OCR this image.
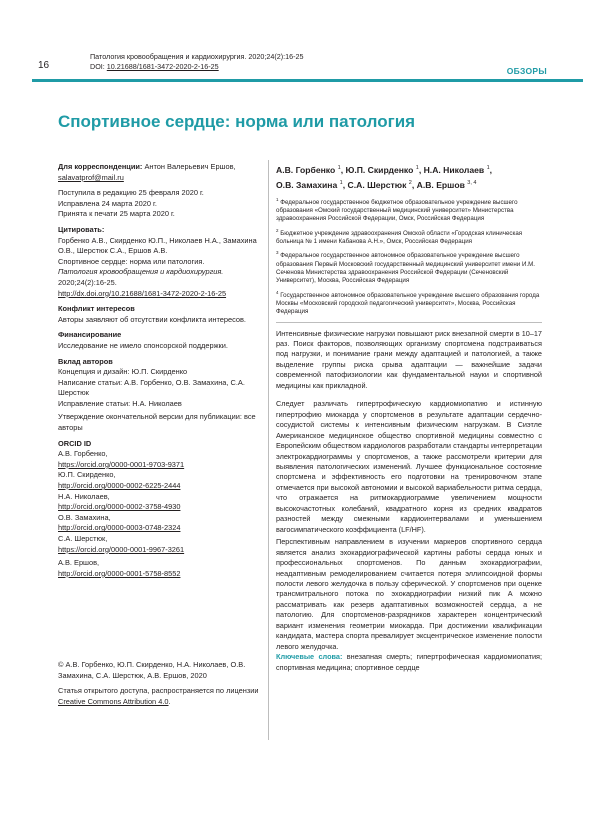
16
Патология кровообращения и кардиохирургия. 2020;24(2):16-25
DOI: 10.21688/1681-3472-2020-2-16-25	ОБЗОРЫ
Спортивное сердце: норма или патология
Для корреспонденции: Антон Валерьевич Ершов,
salavatprof@mail.ru
Поступила в редакцию 25 февраля 2020 г.
Исправлена 24 марта 2020 г.
Принята к печати 25 марта 2020 г.
Цитировать:
Горбенко А.В., Скирденко Ю.П., Николаев Н.А., Замахина О.В., Шерстюк С.А., Ершов А.В.
Спортивное сердце: норма или патология.
Патология кровообращения и кардиохирургия.
2020;24(2):16-25.
http://dx.doi.org/10.21688/1681-3472-2020-2-16-25
Конфликт интересов
Авторы заявляют об отсутствии конфликта интересов.
Финансирование
Исследование не имело спонсорской поддержки.
Вклад авторов
Концепция и дизайн: Ю.П. Скирденко
Написание статьи: А.В. Горбенко, О.В. Замахина, С.А. Шерстюк
Исправление статьи: Н.А. Николаев
Утверждение окончательной версии для публикации: все авторы
ORCID ID
А.В. Горбенко,
https://orcid.org/0000-0001-9703-9371
Ю.П. Скирденко,
http://orcid.org/0000-0002-6225-2444
Н.А. Николаев,
http://orcid.org/0000-0002-3758-4930
О.В. Замахина,
http://orcid.org/0000-0003-0748-2324
С.А. Шерстюк,
https://orcid.org/0000-0001-9967-3261
А.В. Ершов,
http://orcid.org/0000-0001-5758-8552
© А.В. Горбенко, Ю.П. Скирденко, Н.А. Николаев, О.В. Замахина, С.А. Шерстюк, А.В. Ершов, 2020
Статья открытого доступа, распространяется по лицензии Creative Commons Attribution 4.0.
А.В. Горбенко $^1$, Ю.П. Скирденко $^1$, Н.А. Николаев $^1$,
О.В. Замахина $^1$, С.А. Шерстюк $^2$, А.В. Ершов $^{3, 4}$
$^1$ Федеральное государственное бюджетное образовательное учреждение высшего образования «Омский государственный медицинский университет» Министерства здравоохранения Российской Федерации, Омск, Российская Федерация
$^2$ Бюджетное учреждение здравоохранения Омской области «Городская клиническая больница № 1 имени Кабанова А.Н.», Омск, Российская Федерация
$^3$ Федеральное государственное автономное образовательное учреждение высшего образования Первый Московский государственный медицинский университет имени И.М. Сеченова Министерства здравоохранения Российской Федерации (Сеченовский Университет), Москва, Российская Федерация
$^4$ Государственное автономное образовательное учреждение высшего образования города Москвы «Московский городской педагогический университет», Москва, Российская Федерация
Интенсивные физические нагрузки повышают риск внезапной смерти в 10–17 раз. Поиск факторов, позволяющих организму спортсмена подстраиваться под нагрузки, и понимание грани между адаптацией и патологией, а также выделение группы риска срыва адаптации — важнейшие задачи современной патофизиологии как фундаментальной науки и спортивной медицины как прикладной.
Следует различать гипертрофическую кардиомиопатию и истинную гипертрофию миокарда у спортсменов в результате адаптации сердечно-сосудистой системы к интенсивным физическим нагрузкам. В Сиэтле Американское медицинское общество спортивной медицины совместно с Европейским обществом кардиологов разработали стандарты интерпретации электрокардиограммы у спортсменов, а также рассмотрели критерии для выявления патологических изменений. Лучшее функциональное состояние спортсмена и эффективность его подготовки на тренировочном этапе отмечается при высокой автономии и высокой вариабельности ритма сердца, что отражается на ритмокардиограмме увеличением мощности высокочастотных колебаний, квадратного корня из средних квадратов разностей между смежными кардиоинтервалами и уменьшением вагосимпатического коэффициента (LF/HF).
Перспективным направлением в изучении маркеров спортивного сердца является анализ эхокардиографической картины работы сердца юных и профессиональных спортсменов. По данным эхокардиографии, неадаптивным ремоделированием считается потеря эллипсоидной формы полости левого желудочка в пользу сферической. У спортсменов при оценке трансмитрального потока по эхокардиографии низкий пик А можно рассматривать как резерв адаптативных возможностей сердца, а не патологию. Для спортсменов-разрядников характерен концентрический вариант изменения геометрии миокарда. При достижении квалификации кандидата, мастера спорта превалирует эксцентрическое изменение полости левого желудочка.
Ключевые слова: внезапная смерть; гипертрофическая кардиомиопатия; спортивная медицина; спортивное сердце
